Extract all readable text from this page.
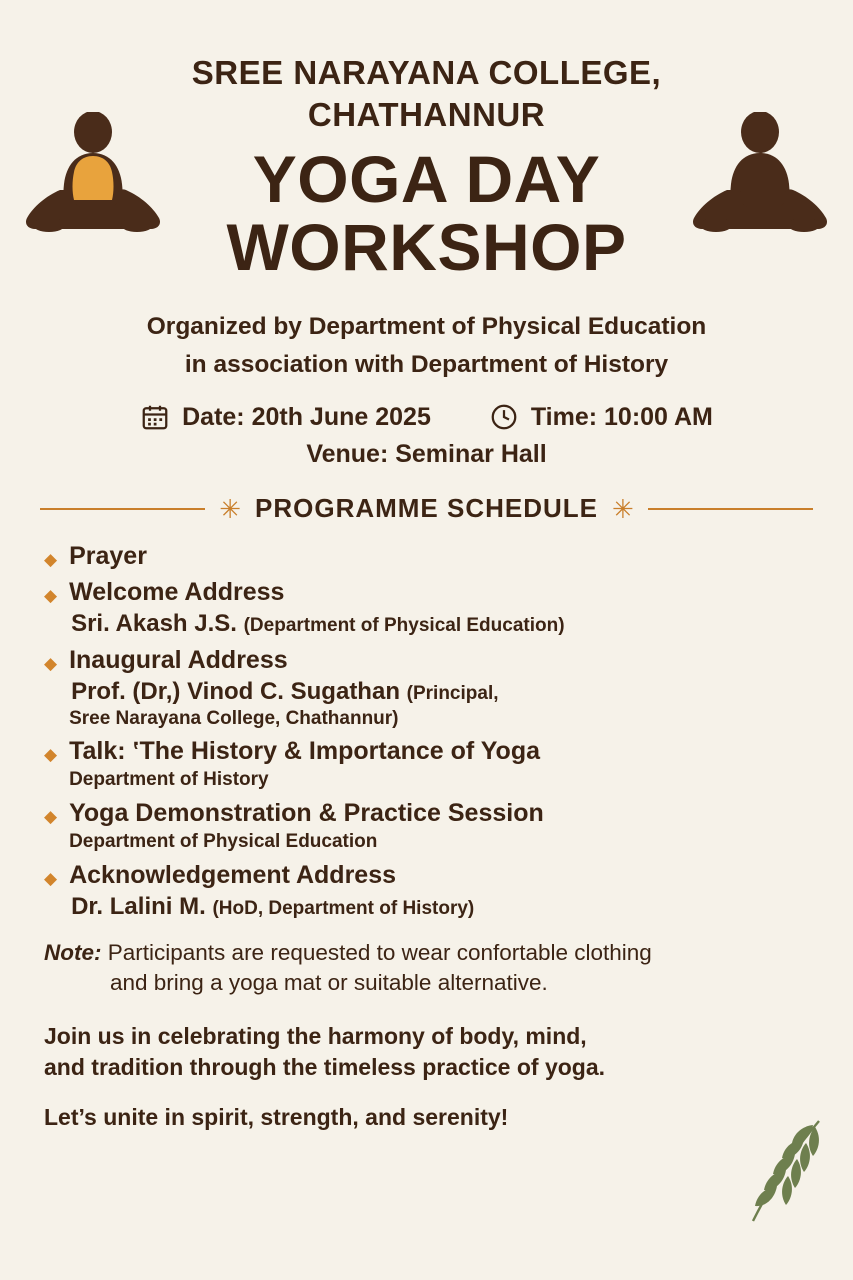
SREE NARAYANA COLLEGE, CHATHANNUR
YOGA DAY
WORKSHOP
Organized by Department of Physical Education
in association with Department of History
Date: 20th June 2025	Time: 10:00 AM
Venue: Seminar Hall
✳ PROGRAMME SCHEDULE ✳
◆ Prayer
◆ Welcome Address
Sri. Akash J.S. (Department of Physical Education)
◆ Inaugural Address
Prof. (Dr,) Vinod C. Sugathan (Principal,
Sree Narayana College, Chathannur)
◆ Talk: ʽThe History & Importance of Yoga
Department of History
◆ Yoga Demonstration & Practice Session
Department of Physical Education
◆ Acknowledgement Address
Dr. Lalini M. (HoD, Department of History)
Note: Participants are requested to wear confortable clothing
and bring a yoga mat or suitable alternative.
Join us in celebrating the harmony of body, mind,
and tradition through the timeless practice of yoga.
Let’s unite in spirit, strength, and serenity!
